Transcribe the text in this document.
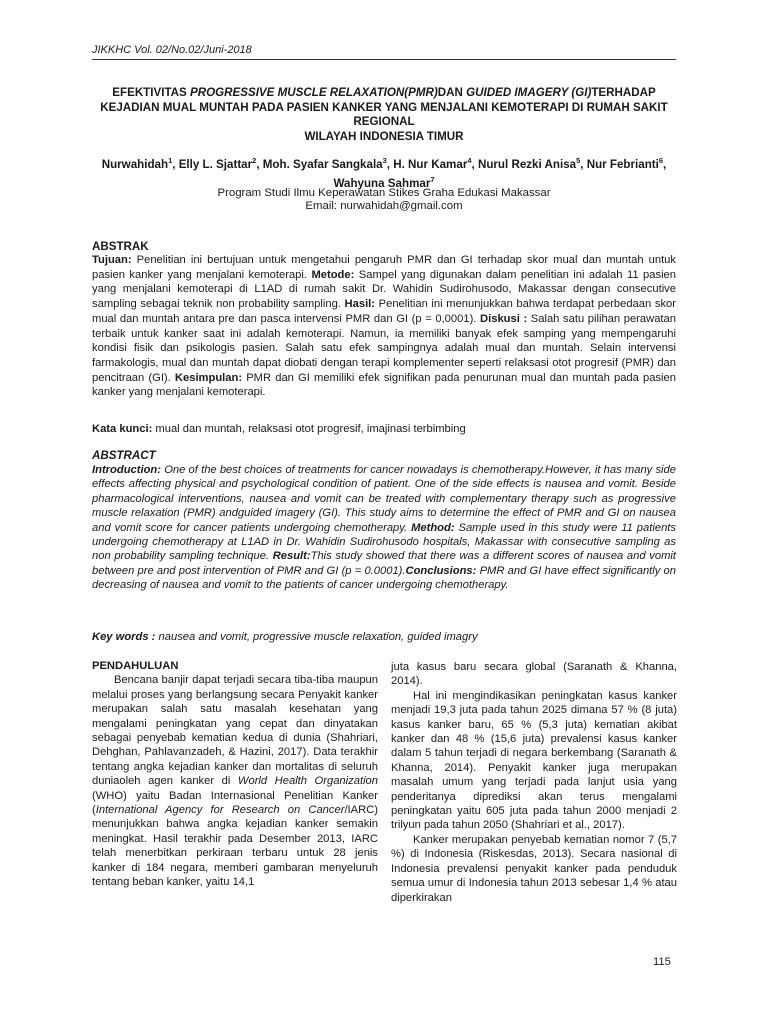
JIKKHC Vol. 02/No.02/Juni-2018
EFEKTIVITAS PROGRESSIVE MUSCLE RELAXATION(PMR)DAN GUIDED IMAGERY (GI)TERHADAP KEJADIAN MUAL MUNTAH PADA PASIEN KANKER YANG MENJALANI KEMOTERAPI DI RUMAH SAKIT REGIONAL
WILAYAH INDONESIA TIMUR
Nurwahidah$^1$, Elly L. Sjattar$^2$, Moh. Syafar Sangkala$^3$, H. Nur Kamar$^4$, Nurul Rezki Anisa$^5$, Nur Febrianti$^6$, Wahyuna Sahmar$^7$
Program Studi Ilmu Keperawatan Stikes Graha Edukasi Makassar
Email: nurwahidah@gmail.com
ABSTRAK
Tujuan: Penelitian ini bertujuan untuk mengetahui pengaruh PMR dan GI terhadap skor mual dan muntah untuk pasien kanker yang menjalani kemoterapi. Metode: Sampel yang digunakan dalam penelitian ini adalah 11 pasien yang menjalani kemoterapi di L1AD di rumah sakit Dr. Wahidin Sudirohusodo, Makassar dengan consecutive sampling sebagai teknik non probability sampling. Hasil: Penelitian ini menunjukkan bahwa terdapat perbedaan skor mual dan muntah antara pre dan pasca intervensi PMR dan GI (p = 0,0001). Diskusi : Salah satu pilihan perawatan terbaik untuk kanker saat ini adalah kemoterapi. Namun, ia memiliki banyak efek samping yang mempengaruhi kondisi fisik dan psikologis pasien. Salah satu efek sampingnya adalah mual dan muntah. Selain intervensi farmakologis, mual dan muntah dapat diobati dengan terapi komplementer seperti relaksasi otot progresif (PMR) dan pencitraan (GI). Kesimpulan: PMR dan GI memiliki efek signifikan pada penurunan mual dan muntah pada pasien kanker yang menjalani kemoterapi.
Kata kunci: mual dan muntah, relaksasi otot progresif, imajinasi terbimbing
ABSTRACT
Introduction: One of the best choices of treatments for cancer nowadays is chemotherapy.However, it has many side effects affecting physical and psychological condition of patient. One of the side effects is nausea and vomit. Beside pharmacological interventions, nausea and vomit can be treated with complementary therapy such as progressive muscle relaxation (PMR) andguided imagery (GI). This study aims to determine the effect of PMR and GI on nausea and vomit score for cancer patients undergoing chemotherapy. Method: Sample used in this study were 11 patients undergoing chemotherapy at L1AD in Dr. Wahidin Sudirohusodo hospitals, Makassar with consecutive sampling as non probability sampling technique. Result:This study showed that there was a different scores of nausea and vomit between pre and post intervention of PMR and GI (p = 0.0001).Conclusions: PMR and GI have effect significantly on decreasing of nausea and vomit to the patients of cancer undergoing chemotherapy.
Key words : nausea and vomit, progressive muscle relaxation, guided imagry

PENDAHULUAN

Bencana banjir dapat terjadi secara tiba-tiba maupun melalui proses yang berlangsung secara Penyakit kanker merupakan salah satu masalah kesehatan yang mengalami peningkatan yang cepat dan dinyatakan sebagai penyebab kematian kedua di dunia (Shahriari, Dehghan, Pahlavanzadeh, & Hazini, 2017). Data terakhir tentang angka kejadian kanker dan mortalitas di seluruh duniaoleh agen kanker di World Health Organization (WHO) yaitu Badan Internasional Penelitian Kanker (International Agency for Research on Cancer/IARC) menunjukkan bahwa angka kejadian kanker semakin meningkat. Hasil terakhir pada Desember 2013, IARC telah menerbitkan perkiraan terbaru untuk 28 jenis kanker di 184 negara, memberi gambaran menyeluruh tentang beban kanker, yaitu 14,1

juta kasus baru secara global (Saranath & Khanna, 2014).

Hal ini mengindikasikan peningkatan kasus kanker menjadi 19,3 juta pada tahun 2025 dimana 57 % (8 juta) kasus kanker baru, 65 % (5,3 juta) kematian akibat kanker dan 48 % (15,6 juta) prevalensi kasus kanker dalam 5 tahun terjadi di negara berkembang (Saranath & Khanna, 2014). Penyakit kanker juga merupakan masalah umum yang terjadi pada lanjut usia yang penderitanya diprediksi akan terus mengalami peningkatan yaitu 605 juta pada tahun 2000 menjadi 2 trilyun pada tahun 2050 (Shahriari et al., 2017).

Kanker merupakan penyebab kematian nomor 7 (5,7 %) di Indonesia (Riskesdas, 2013). Secara nasional di Indonesia prevalensi penyakit kanker pada penduduk semua umur di Indonesia tahun 2013 sebesar 1,4 % atau diperkirakan

115
